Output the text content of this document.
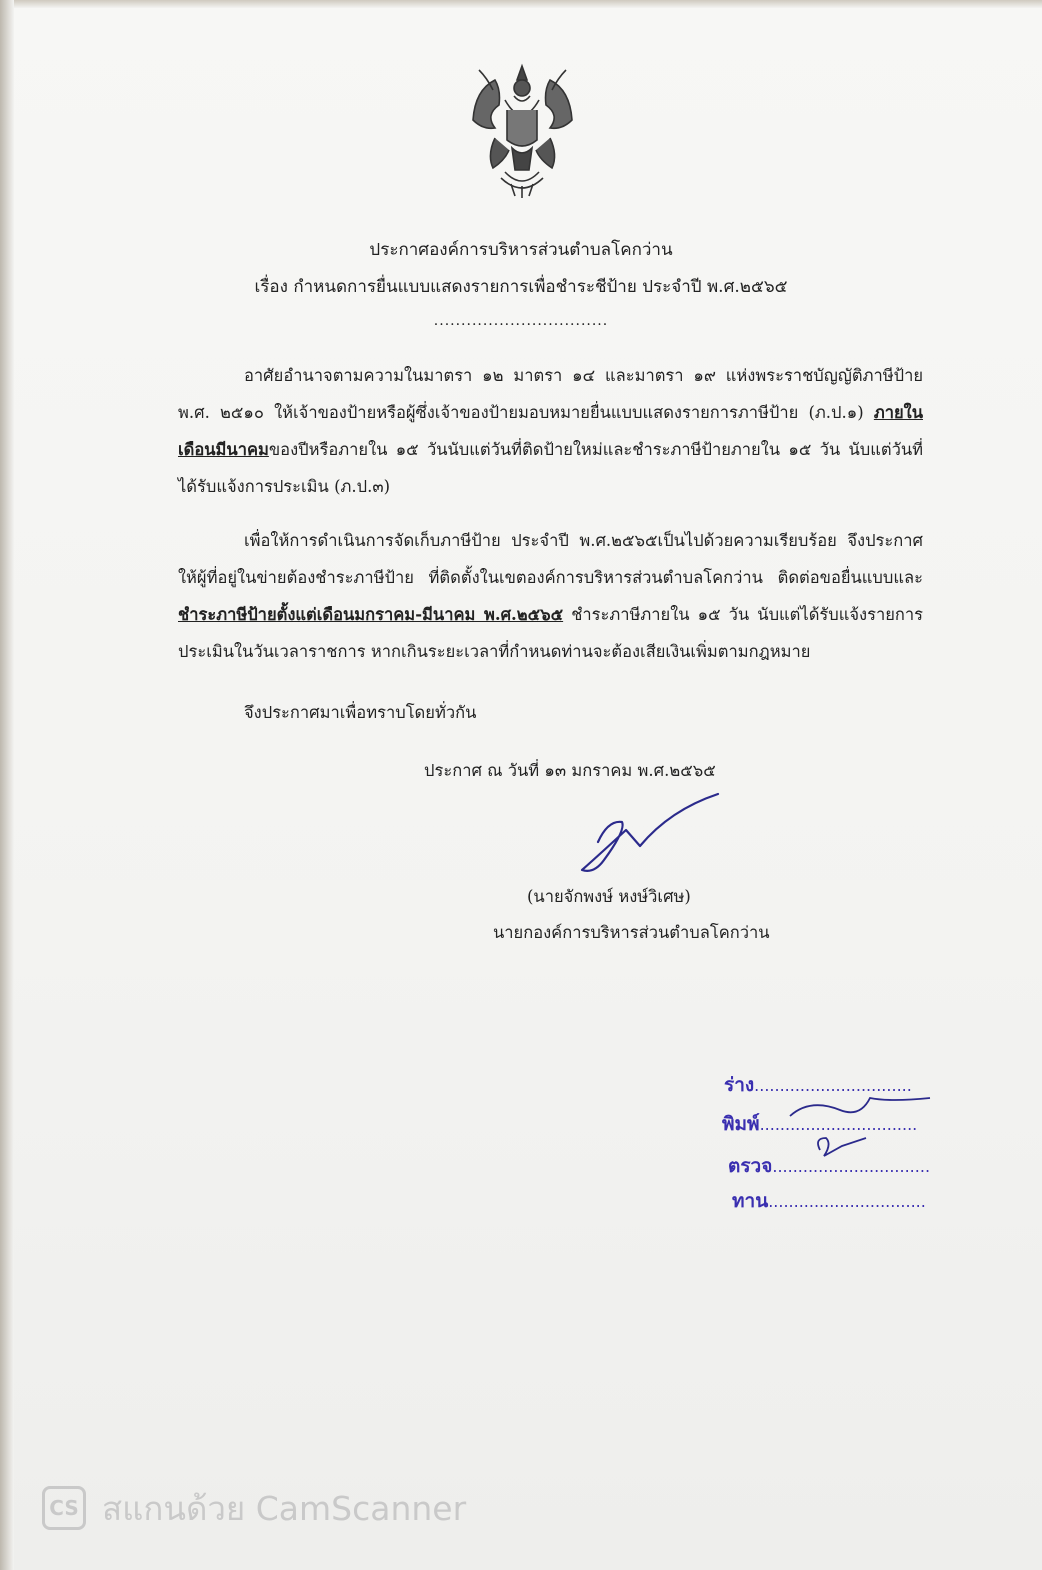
ประกาศองค์การบริหารส่วนตำบลโคกว่าน
เรื่อง กำหนดการยื่นแบบแสดงรายการเพื่อชำระชีป้าย ประจำปี พ.ศ.๒๕๖๕
................................
อาศัยอำนาจตามความในมาตรา ๑๒ มาตรา ๑๔ และมาตรา ๑๙ แห่งพระราชบัญญัติภาษีป้าย พ.ศ. ๒๕๑๐ ให้เจ้าของป้ายหรือผู้ซึ่งเจ้าของป้ายมอบหมายยื่นแบบแสดงรายการภาษีป้าย (ภ.ป.๑) ภายในเดือนมีนาคมของปีหรือภายใน ๑๕ วันนับแต่วันที่ติดป้ายใหม่และชำระภาษีป้ายภายใน ๑๕ วัน นับแต่วันที่ได้รับแจ้งการประเมิน (ภ.ป.๓)
เพื่อให้การดำเนินการจัดเก็บภาษีป้าย ประจำปี พ.ศ.๒๕๖๕เป็นไปด้วยความเรียบร้อย จึงประกาศให้ผู้ที่อยู่ในข่ายต้องชำระภาษีป้าย ที่ติดตั้งในเขตองค์การบริหารส่วนตำบลโคกว่าน ติดต่อขอยื่นแบบและชำระภาษีป้ายตั้งแต่เดือนมกราคม-มีนาคม พ.ศ.๒๕๖๕ ชำระภาษีภายใน ๑๕ วัน นับแต่ได้รับแจ้งรายการประเมินในวันเวลาราชการ หากเกินระยะเวลาที่กำหนดท่านจะต้องเสียเงินเพิ่มตามกฎหมาย
จึงประกาศมาเพื่อทราบโดยทั่วกัน
ประกาศ ณ วันที่ ๑๓ มกราคม พ.ศ.๒๕๖๕
(นายจักพงษ์ หงษ์วิเศษ)
นายกองค์การบริหารส่วนตำบลโคกว่าน
ร่าง...............................
พิมพ์...............................
ตรวจ...............................
ทาน...............................
CS สแกนด้วย CamScanner
